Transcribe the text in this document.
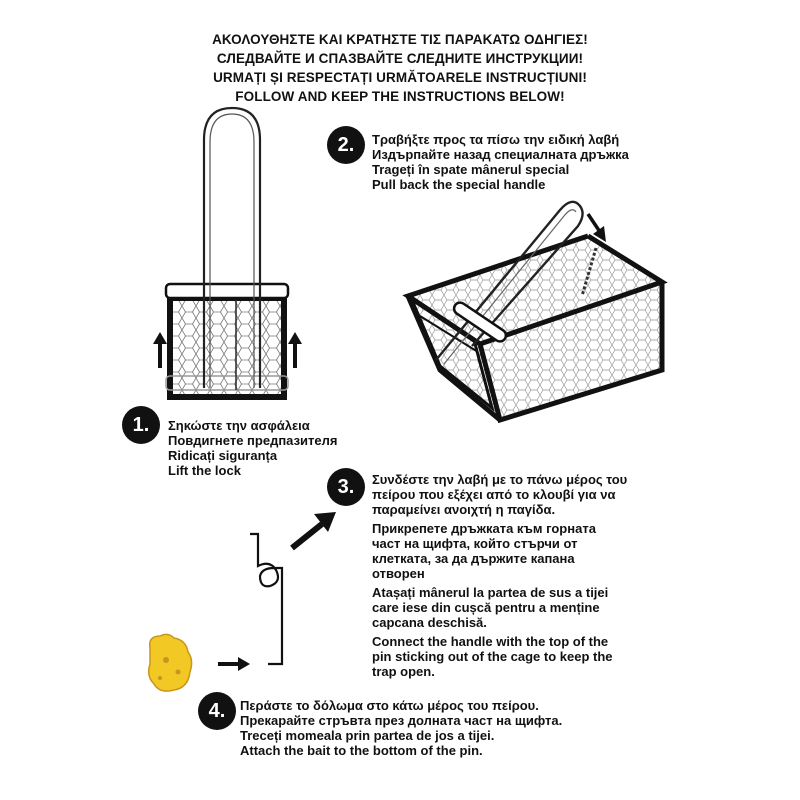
ΑΚΟΛΟΥΘΗΣΤΕ ΚΑΙ ΚΡΑΤΗΣΤΕ ΤΙΣ ΠΑΡΑΚΑΤΩ ΟΔΗΓΙΕΣ!
СЛЕДВАЙТЕ И СПАЗВАЙТЕ СЛЕДНИТЕ ИНСТРУКЦИИ!
URMAȚI ȘI RESPECTAȚI URMĂTOARELE INSTRUCȚIUNI!
FOLLOW AND KEEP THE INSTRUCTIONS BELOW!
1.	Σηκώστε την ασφάλεια
Повдигнете предпазителя
Ridicați siguranța
Lift the lock
2.	Τραβήξτε προς τα πίσω την ειδική λαβή
Издърпайте назад специалната дръжка
Trageți în spate mânerul special
Pull back the special handle
3.	Συνδέστε την λαβή με το πάνω μέρος του
πείρου που εξέχει από το κλουβί για να
παραμείνει ανοιχτή η παγίδα.
Прикрепете дръжката към горната
част на щифта, който стърчи от
клетката, за да държите капана
отворен
Atașați mânerul la partea de sus a tijei
care iese din cușcă pentru a menține
capcana deschisă.
Connect the handle with the top of the
pin sticking out of the cage to keep the
trap open.
4.	Περάστε το δόλωμα στο κάτω μέρος του πείρου.
Прекарайте стръвта през долната част на щифта.
Treceți momeala prin partea de jos a tijei.
Attach the bait to the bottom of the pin.
